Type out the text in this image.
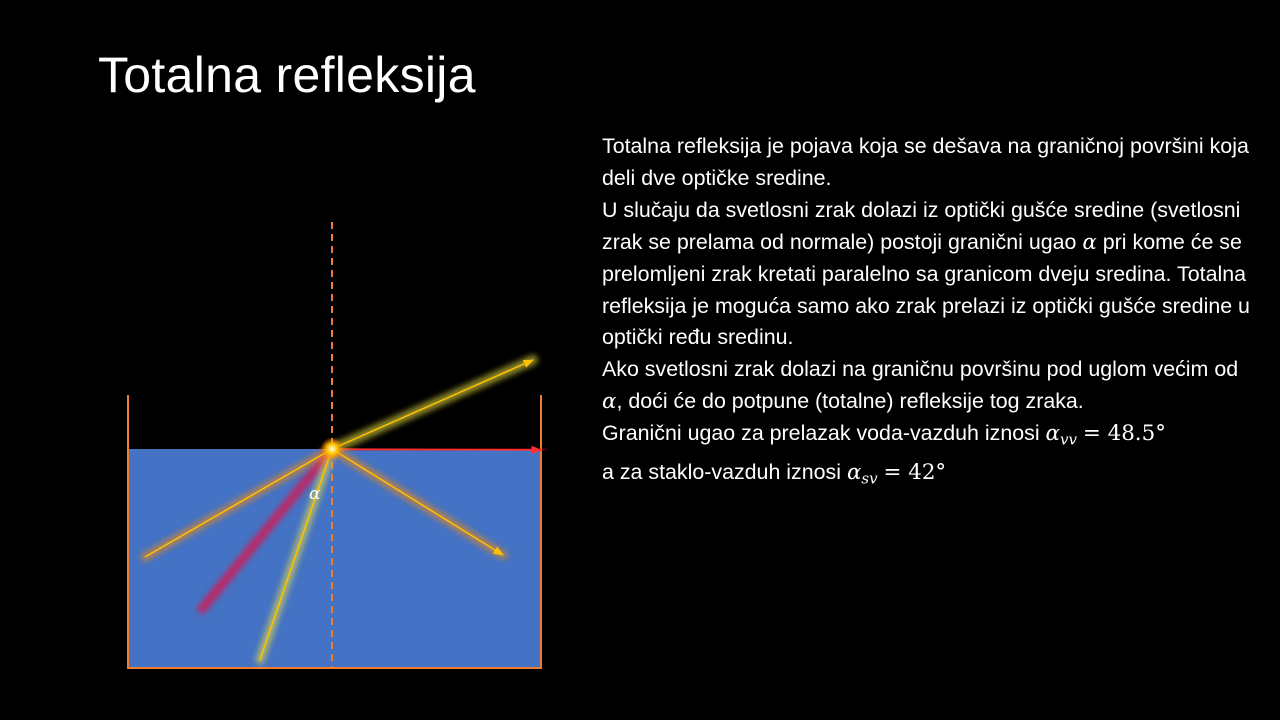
Totalna refleksija
α

Totalna refleksija je pojava koja se dešava na graničnoj površini koja deli dve optičke sredine.

U slučaju da svetlosni zrak dolazi iz optički gušće sredine (svetlosni zrak se prelama od normale) postoji granični ugao α pri kome će se prelomljeni zrak kretati paralelno sa granicom dveju sredina. Totalna refleksija je moguća samo ako zrak prelazi iz optički gušće sredine u optički ređu sredinu.

Ako svetlosni zrak dolazi na graničnu površinu pod uglom većim od α, doći će do potpune (totalne) refleksije tog zraka.

Granični ugao za prelazak voda-vazduh iznosi $\alpha_{vv} = 48.5^\circ$
a za staklo-vazduh iznosi $\alpha_{sv} = 42^\circ$
